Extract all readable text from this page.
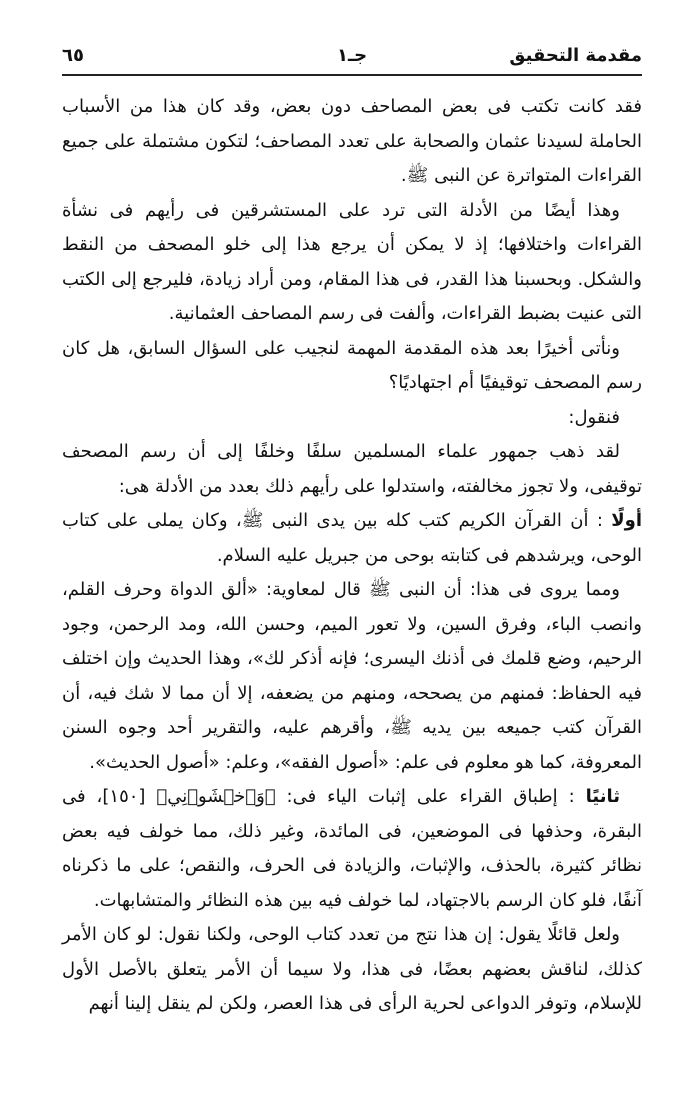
مقدمة التحقيق
جـ١
٦٥

فقد كانت تكتب فى بعض المصاحف دون بعض، وقد كان هذا من الأسباب الحاملة لسيدنا عثمان والصحابة على تعدد المصاحف؛ لتكون مشتملة على جميع القراءات المتواترة عن النبى ﷺ.

وهذا أيضًا من الأدلة التى ترد على المستشرقين فى رأيهم فى نشأة القراءات واختلافها؛ إذ لا يمكن أن يرجع هذا إلى خلو المصحف من النقط والشكل. وبحسبنا هذا القدر، فى هذا المقام، ومن أراد زيادة، فليرجع إلى الكتب التى عنيت بضبط القراءات، وألفت فى رسم المصاحف العثمانية.

ونأتى أخيرًا بعد هذه المقدمة المهمة لنجيب على السؤال السابق، هل كان رسم المصحف توقيفيًا أم اجتهاديًا؟

فنقول:

لقد ذهب جمهور علماء المسلمين سلفًا وخلفًا إلى أن رسم المصحف توقيفى، ولا تجوز مخالفته، واستدلوا على رأيهم ذلك بعدد من الأدلة هى:

أولًا : أن القرآن الكريم كتب كله بين يدى النبى ﷺ، وكان يملى على كتاب الوحى، ويرشدهم فى كتابته بوحى من جبريل عليه السلام.

ومما يروى فى هذا: أن النبى ﷺ قال لمعاوية: «ألق الدواة وحرف القلم، وانصب الباء، وفرق السين، ولا تعور الميم، وحسن الله، ومد الرحمن، وجود الرحيم، وضع قلمك فى أذنك اليسرى؛ فإنه أذكر لك»، وهذا الحديث وإن اختلف فيه الحفاظ: فمنهم من يصححه، ومنهم من يضعفه، إلا أن مما لا شك فيه، أن القرآن كتب جميعه بين يديه ﷺ، وأقرهم عليه، والتقرير أحد وجوه السنن المعروفة، كما هو معلوم فى علم: «أصول الفقه»، وعلم: «أصول الحديث».

ثانيًا : إطباق القراء على إثبات الياء فى: ﴿وَٱخۡشَوۡنِي﴾ [١٥٠]، فى البقرة، وحذفها فى الموضعين، فى المائدة، وغير ذلك، مما خولف فيه بعض نظائر كثيرة، بالحذف، والإثبات، والزيادة فى الحرف، والنقص؛ على ما ذكرناه آنفًا، فلو كان الرسم بالاجتهاد، لما خولف فيه بين هذه النظائر والمتشابهات.

ولعل قائلًا يقول: إن هذا نتج من تعدد كتاب الوحى، ولكنا نقول: لو كان الأمر كذلك، لناقش بعضهم بعضًا، فى هذا، ولا سيما أن الأمر يتعلق بالأصل الأول للإسلام، وتوفر الدواعى لحرية الرأى فى هذا العصر، ولكن لم ينقل إلينا أنهم
